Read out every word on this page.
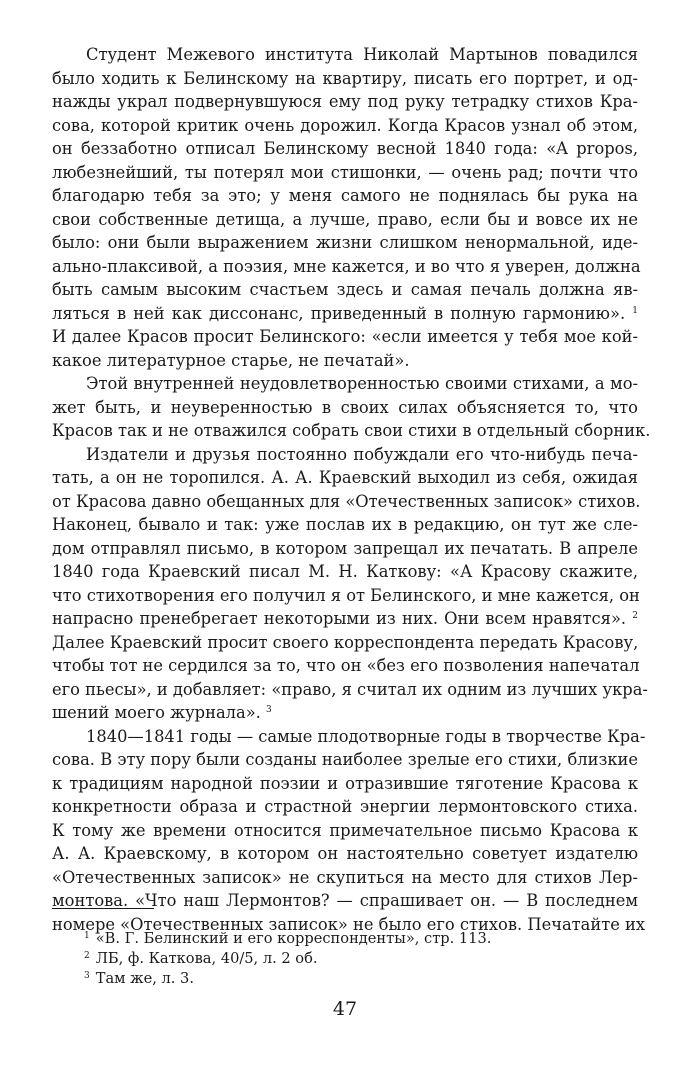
Студент Межевого института Николай Мартынов повадился
было ходить к Белинскому на квартиру, писать его портрет, и од-
нажды украл подвернувшуюся ему под руку тетрадку стихов Кра-
сова, которой критик очень дорожил. Когда Красов узнал об этом,
он беззаботно отписал Белинскому весной 1840 года: «A propos,
любезнейший, ты потерял мои стишонки, — очень рад; почти что
благодарю тебя за это; у меня самого не поднялась бы рука на
свои собственные детища, а лучше, право, если бы и вовсе их не
было: они были выражением жизни слишком ненормальной, иде-
ально-плаксивой, а поэзия, мне кажется, и во что я уверен, должна
быть самым высоким счастьем здесь и самая печаль должна яв-
ляться в ней как диссонанс, приведенный в полную гармонию». $^1$
И далее Красов просит Белинского: «если имеется у тебя мое кой-
какое литературное старье, не печатай».

Этой внутренней неудовлетворенностью своими стихами, а мо-
жет быть, и неуверенностью в своих силах объясняется то, что
Красов так и не отважился собрать свои стихи в отдельный сборник.

Издатели и друзья постоянно побуждали его что-нибудь печа-
тать, а он не торопился. А. А. Краевский выходил из себя, ожидая
от Красова давно обещанных для «Отечественных записок» стихов.
Наконец, бывало и так: уже послав их в редакцию, он тут же сле-
дом отправлял письмо, в котором запрещал их печатать. В апреле
1840 года Краевский писал М. Н. Каткову: «А Красову скажите,
что стихотворения его получил я от Белинского, и мне кажется, он
напрасно пренебрегает некоторыми из них. Они всем нравятся». $^2$
Далее Краевский просит своего корреспондента передать Красову,
чтобы тот не сердился за то, что он «без его позволения напечатал
его пьесы», и добавляет: «право, я считал их одним из лучших укра-
шений моего журнала». $^3$

1840—1841 годы — самые плодотворные годы в творчестве Кра-
сова. В эту пору были созданы наиболее зрелые его стихи, близкие
к традициям народной поэзии и отразившие тяготение Красова к
конкретности образа и страстной энергии лермонтовского стиха.
К тому же времени относится примечательное письмо Красова к
А. А. Краевскому, в котором он настоятельно советует издателю
«Отечественных записок» не скупиться на место для стихов Лер-
монтова. «Что наш Лермонтов? — спрашивает он. — В последнем
номере «Отечественных записок» не было его стихов. Печатайте их

$^1$ «В. Г. Белинский и его корреспонденты», стр. 113.
$^2$ ЛБ, ф. Каткова, 40/5, л. 2 об.
$^3$ Там же, л. 3.
47
